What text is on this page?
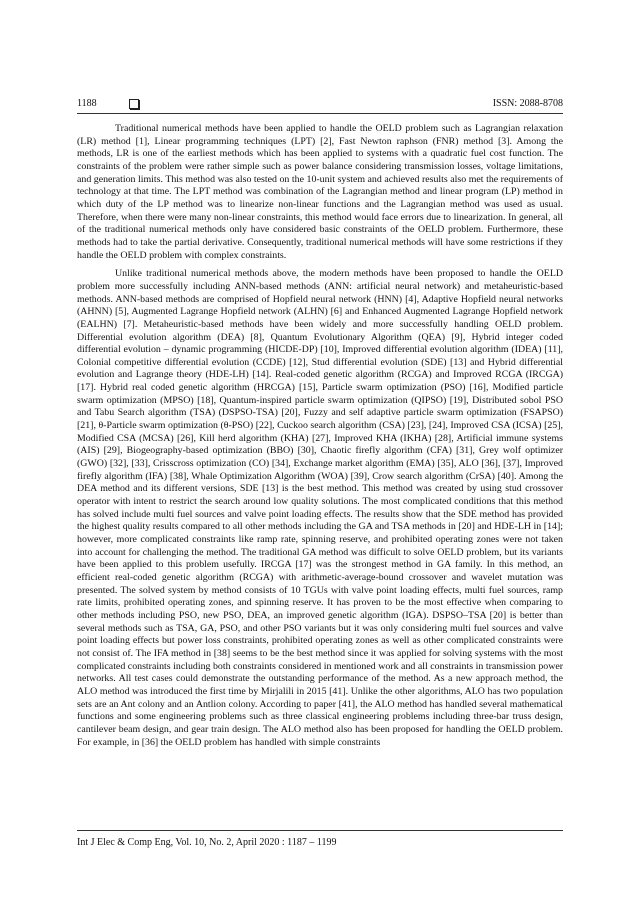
1188	ISSN: 2088-8708

Traditional numerical methods have been applied to handle the OELD problem such as Lagrangian relaxation (LR) method [1], Linear programming techniques (LPT) [2], Fast Newton raphson (FNR) method [3]. Among the methods, LR is one of the earliest methods which has been applied to systems with a quadratic fuel cost function. The constraints of the problem were rather simple such as power balance considering transmission losses, voltage limitations, and generation limits. This method was also tested on the 10-unit system and achieved results also met the requirements of technology at that time. The LPT method was combination of the Lagrangian method and linear program (LP) method in which duty of the LP method was to linearize non-linear functions and the Lagrangian method was used as usual. Therefore, when there were many non-linear constraints, this method would face errors due to linearization. In general, all of the traditional numerical methods only have considered basic constraints of the OELD problem. Furthermore, these methods had to take the partial derivative. Consequently, traditional numerical methods will have some restrictions if they handle the OELD problem with complex constraints.

Unlike traditional numerical methods above, the modern methods have been proposed to handle the OELD problem more successfully including ANN-based methods (ANN: artificial neural network) and metaheuristic-based methods. ANN-based methods are comprised of Hopfield neural network (HNN) [4], Adaptive Hopfield neural networks (AHNN) [5], Augmented Lagrange Hopfield network (ALHN) [6] and Enhanced Augmented Lagrange Hopfield network (EALHN) [7]. Metaheuristic-based methods have been widely and more successfully handling OELD problem. Differential evolution algorithm (DEA) [8], Quantum Evolutionary Algorithm (QEA) [9], Hybrid integer coded differential evolution – dynamic programming (HICDE-DP) [10], Improved differential evolution algorithm (IDEA) [11], Colonial competitive differential evolution (CCDE) [12], Stud differential evolution (SDE) [13] and Hybrid differential evolution and Lagrange theory (HDE-LH) [14]. Real-coded genetic algorithm (RCGA) and Improved RCGA (IRCGA) [17]. Hybrid real coded genetic algorithm (HRCGA) [15], Particle swarm optimization (PSO) [16], Modified particle swarm optimization (MPSO) [18], Quantum-inspired particle swarm optimization (QIPSO) [19], Distributed sobol PSO and Tabu Search algorithm (TSA) (DSPSO-TSA) [20], Fuzzy and self adaptive particle swarm optimization (FSAPSO) [21], θ-Particle swarm optimization (θ-PSO) [22], Cuckoo search algorithm (CSA) [23], [24], Improved CSA (ICSA) [25], Modified CSA (MCSA) [26], Kill herd algorithm (KHA) [27], Improved KHA (IKHA) [28], Artificial immune systems (AIS) [29], Biogeography-based optimization (BBO) [30], Chaotic firefly algorithm (CFA) [31], Grey wolf optimizer (GWO) [32], [33], Crisscross optimization (CO) [34], Exchange market algorithm (EMA) [35], ALO [36], [37], Improved firefly algorithm (IFA) [38], Whale Optimization Algorithm (WOA) [39], Crow search algorithm (CrSA) [40]. Among the DEA method and its different versions, SDE [13] is the best method. This method was created by using stud crossover operator with intent to restrict the search around low quality solutions. The most complicated conditions that this method has solved include multi fuel sources and valve point loading effects. The results show that the SDE method has provided the highest quality results compared to all other methods including the GA and TSA methods in [20] and HDE-LH in [14]; however, more complicated constraints like ramp rate, spinning reserve, and prohibited operating zones were not taken into account for challenging the method. The traditional GA method was difficult to solve OELD problem, but its variants have been applied to this problem usefully. IRCGA [17] was the strongest method in GA family. In this method, an efficient real-coded genetic algorithm (RCGA) with arithmetic-average-bound crossover and wavelet mutation was presented. The solved system by method consists of 10 TGUs with valve point loading effects, multi fuel sources, ramp rate limits, prohibited operating zones, and spinning reserve. It has proven to be the most effective when comparing to other methods including PSO, new PSO, DEA, an improved genetic algorithm (IGA). DSPSO–TSA [20] is better than several methods such as TSA, GA, PSO, and other PSO variants but it was only considering multi fuel sources and valve point loading effects but power loss constraints, prohibited operating zones as well as other complicated constraints were not consist of. The IFA method in [38] seems to be the best method since it was applied for solving systems with the most complicated constraints including both constraints considered in mentioned work and all constraints in transmission power networks. All test cases could demonstrate the outstanding performance of the method. As a new approach method, the ALO method was introduced the first time by Mirjalili in 2015 [41]. Unlike the other algorithms, ALO has two population sets are an Ant colony and an Antlion colony. According to paper [41], the ALO method has handled several mathematical functions and some engineering problems such as three classical engineering problems including three-bar truss design, cantilever beam design, and gear train design. The ALO method also has been proposed for handling the OELD problem. For example, in [36] the OELD problem has handled with simple constraints

Int J Elec & Comp Eng, Vol. 10, No. 2, April 2020 : 1187 – 1199
